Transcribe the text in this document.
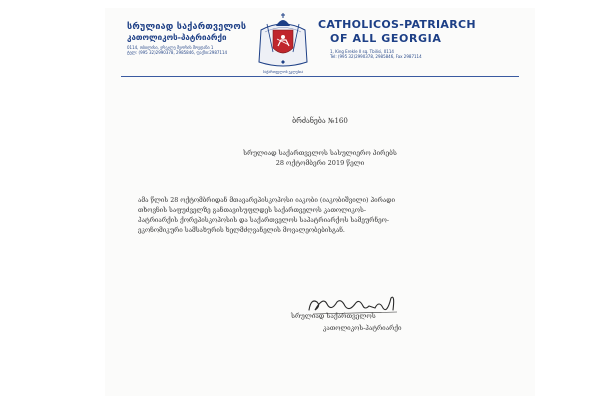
სრულიად საქართველოს
კათოლიკოს-პატრიარქი
0114, თბილისი, ერეკლე მეორის მოედანი 1
ტელ: (995 32)2990378, 2985846, ფაქსი:2987114
საქართველოს ეკლესია
CATHOLICOS-PATRIARCH
OF ALL GEORGIA
1, King Erekle II sq. Tbilisi, 0114
Tel: (995 32)2990378, 2985846, Fax 2987114
ბრძანება №160
სრულიად საქართველოს სასულიერო პირებს
28 ოქტომბერი 2019 წელი
ამა წლის 28 ოქტომბრიდან მთავარეპისკოპოსი იაკობი (იაკობიშვილი) პირადი
თხოვნის საფუძველზე განთავისუფლდეს საქართველოს კათოლიკოს-
პატრიარქის ქორეპისკოპოსის და საქართველოს საპატრიარქოს სამეურნეო-
ეკონომიკური სამსახურის ხელმძღვანელის მოვალეობებისგან.
სრულიად საქართველოს
კათოლიკოს-პატრიარქი
